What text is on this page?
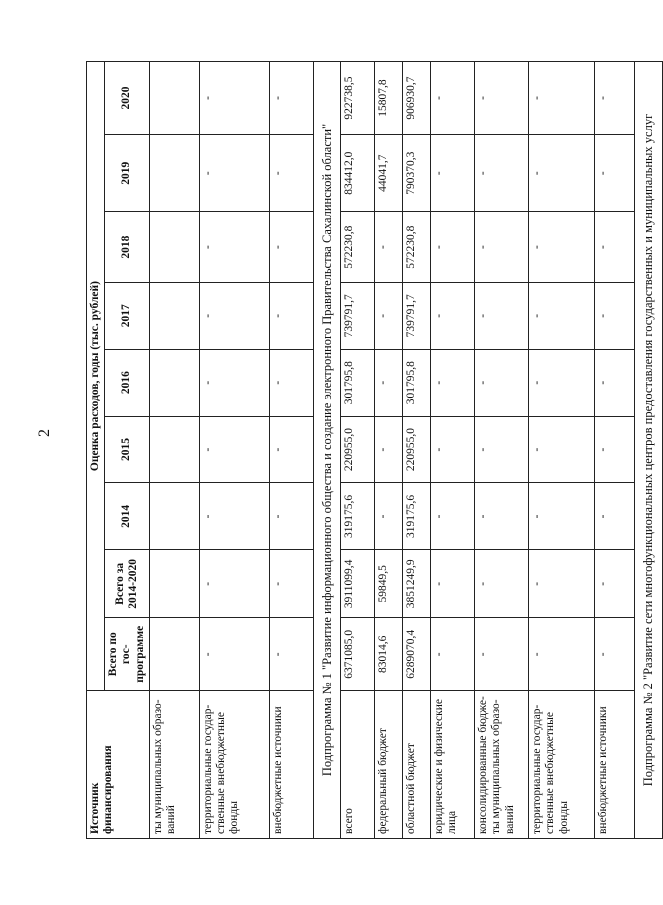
2
Источник финансирования	Оценка расходов, годы (тыс. рублей)								
	Всего по гос-программе	Всего за 2014-2020	2014	2015	2016	2017	2018	2019	2020
ты муниципальных образо-ваний									
территориальные государ-ственные внебюджетные фонды	-	-	-	-	-	-	-	-	-
внебюджетные источники	-	-	-	-	-	-	-	-	-
Подпрограмма № 1 "Развитие информационного общества и создание электронного Правительства Сахалинской области"									
всего	6371085,0	3911099,4	319175,6	220955,0	301795,8	739791,7	572230,8	834412,0	922738,5
федеральный бюджет	83014,6	59849,5	-	-	-	-	-	44041,7	15807,8
областной бюджет	6289070,4	3851249,9	319175,6	220955,0	301795,8	739791,7	572230,8	790370,3	906930,7
юридические и физические лица	-	-	-	-	-	-	-	-	-
консолидированные бюдже-ты муниципальных образо-ваний	-	-	-	-	-	-	-	-	-
территориальные государ-ственные внебюджетные фонды	-	-	-	-	-	-	-	-	-
внебюджетные источники	-	-	-	-	-	-	-	-	-
Подпрограмма № 2 "Развитие сети многофункциональных центров предоставления государственных и муниципальных услуг									
